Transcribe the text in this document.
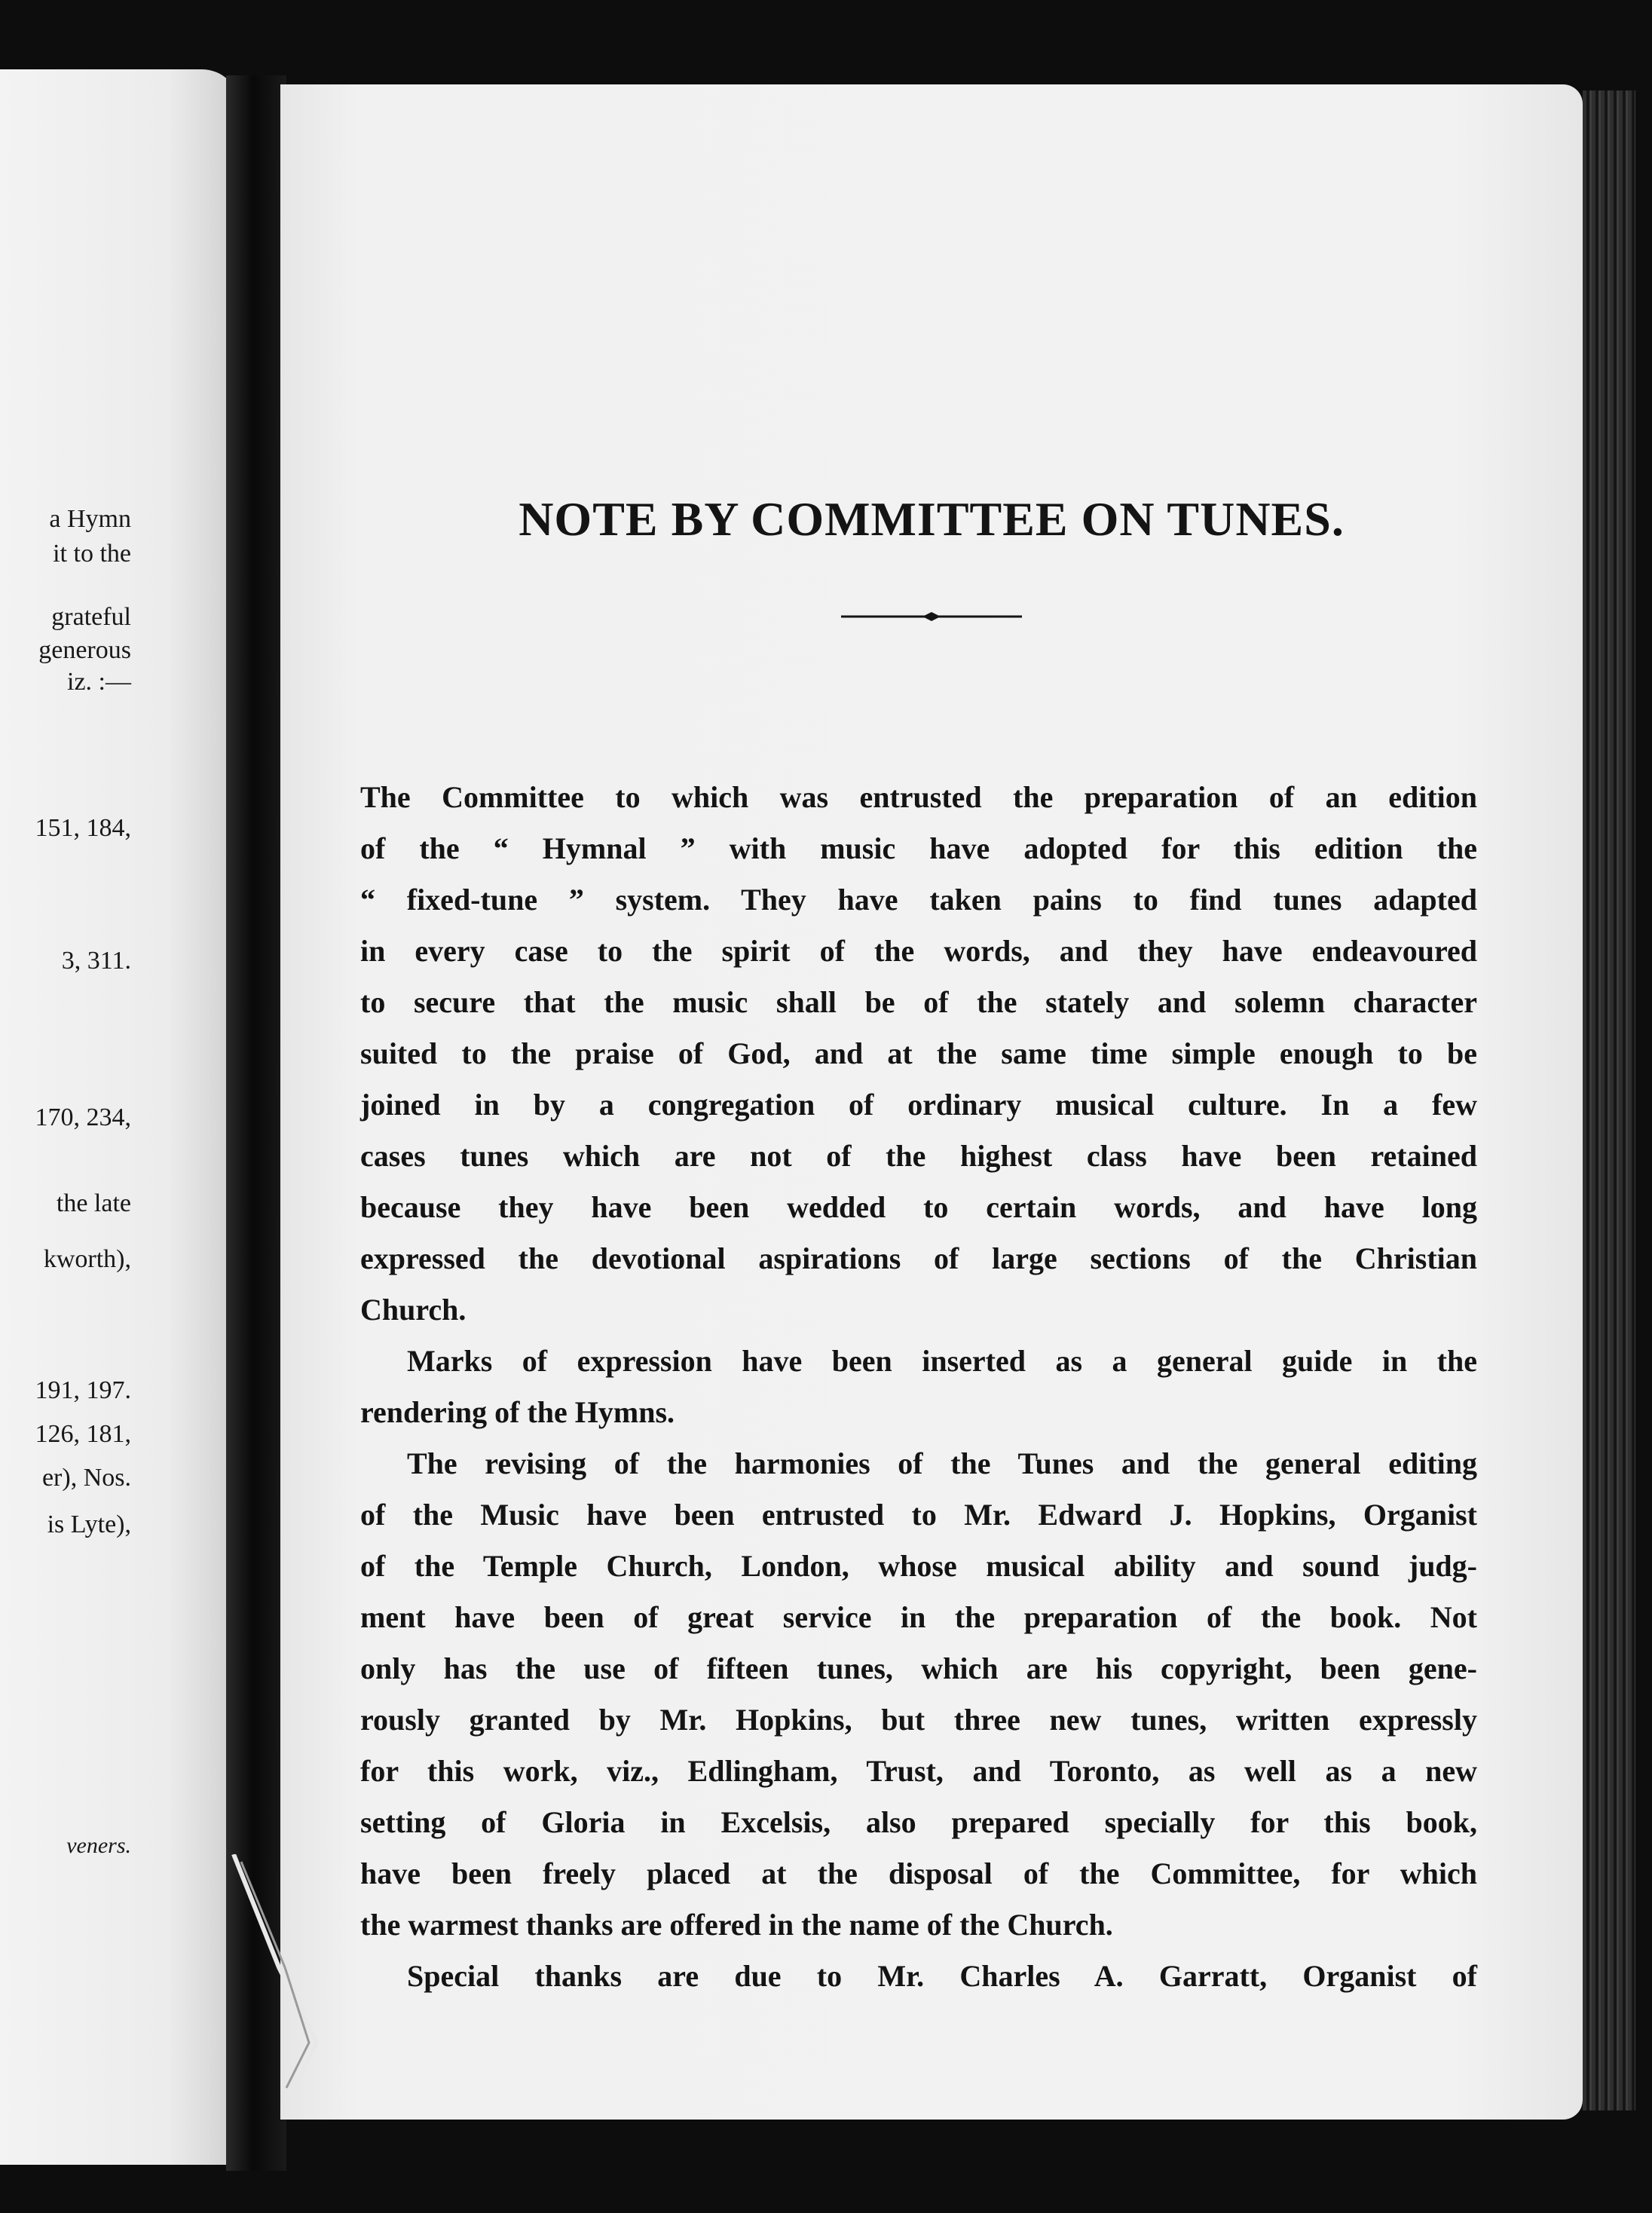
a Hymn
it to the
grateful
generous
iz. :—
151, 184,
3, 311.
170, 234,
the late
kworth),
191, 197.
126, 181,
er), Nos.
is Lyte),
veners.
NOTE BY COMMITTEE ON TUNES.
The Committee to which was entrusted the preparation of an edition
of the “ Hymnal ” with music have adopted for this edition the
“ fixed-tune ” system. They have taken pains to find tunes adapted
in every case to the spirit of the words, and they have endeavoured
to secure that the music shall be of the stately and solemn character
suited to the praise of God, and at the same time simple enough to be
joined in by a congregation of ordinary musical culture. In a few
cases tunes which are not of the highest class have been retained
because they have been wedded to certain words, and have long
expressed the devotional aspirations of large sections of the Christian
Church.
Marks of expression have been inserted as a general guide in the
rendering of the Hymns.
The revising of the harmonies of the Tunes and the general editing
of the Music have been entrusted to Mr. Edward J. Hopkins, Organist
of the Temple Church, London, whose musical ability and sound judg-
ment have been of great service in the preparation of the book. Not
only has the use of fifteen tunes, which are his copyright, been gene-
rously granted by Mr. Hopkins, but three new tunes, written expressly
for this work, viz., Edlingham, Trust, and Toronto, as well as a new
setting of Gloria in Excelsis, also prepared specially for this book,
have been freely placed at the disposal of the Committee, for which
the warmest thanks are offered in the name of the Church.
Special thanks are due to Mr. Charles A. Garratt, Organist of
